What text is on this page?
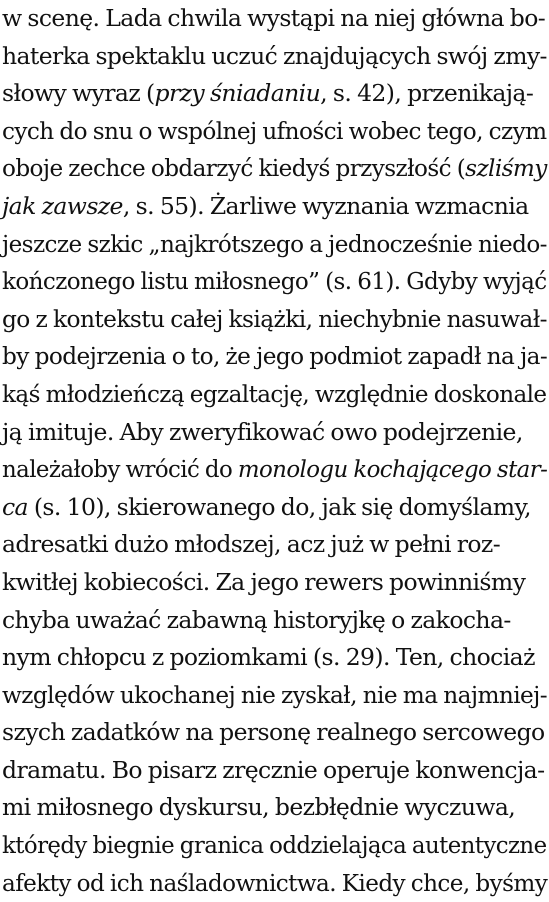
w scenę. Lada chwila wystąpi na niej główna bo-
haterka spektaklu uczuć znajdujących swój zmy-
słowy wyraz (przy śniadaniu, s. 42), przenikają-
cych do snu o wspólnej ufności wobec tego, czym
oboje zechce obdarzyć kiedyś przyszłość (szliśmy
jak zawsze, s. 55). Żarliwe wyznania wzmacnia
jeszcze szkic „najkrótszego a jednocześnie niedo-
kończonego listu miłosnego” (s. 61). Gdyby wyjąć
go z kontekstu całej książki, niechybnie nasuwał-
by podejrzenia o to, że jego podmiot zapadł na ja-
kąś młodzieńczą egzaltację, względnie doskonale
ją imituje. Aby zweryfikować owo podejrzenie,
należałoby wrócić do monologu kochającego star-
ca (s. 10), skierowanego do, jak się domyślamy,
adresatki dużo młodszej, acz już w pełni roz-
kwitłej kobiecości. Za jego rewers powinniśmy
chyba uważać zabawną historyjkę o zakocha-
nym chłopcu z poziomkami (s. 29). Ten, chociaż
względów ukochanej nie zyskał, nie ma najmniej-
szych zadatków na personę realnego sercowego
dramatu. Bo pisarz zręcznie operuje konwencja-
mi miłosnego dyskursu, bezbłędnie wyczuwa,
którędy biegnie granica oddzielająca autentyczne
afekty od ich naśladownictwa. Kiedy chce, byśmy
